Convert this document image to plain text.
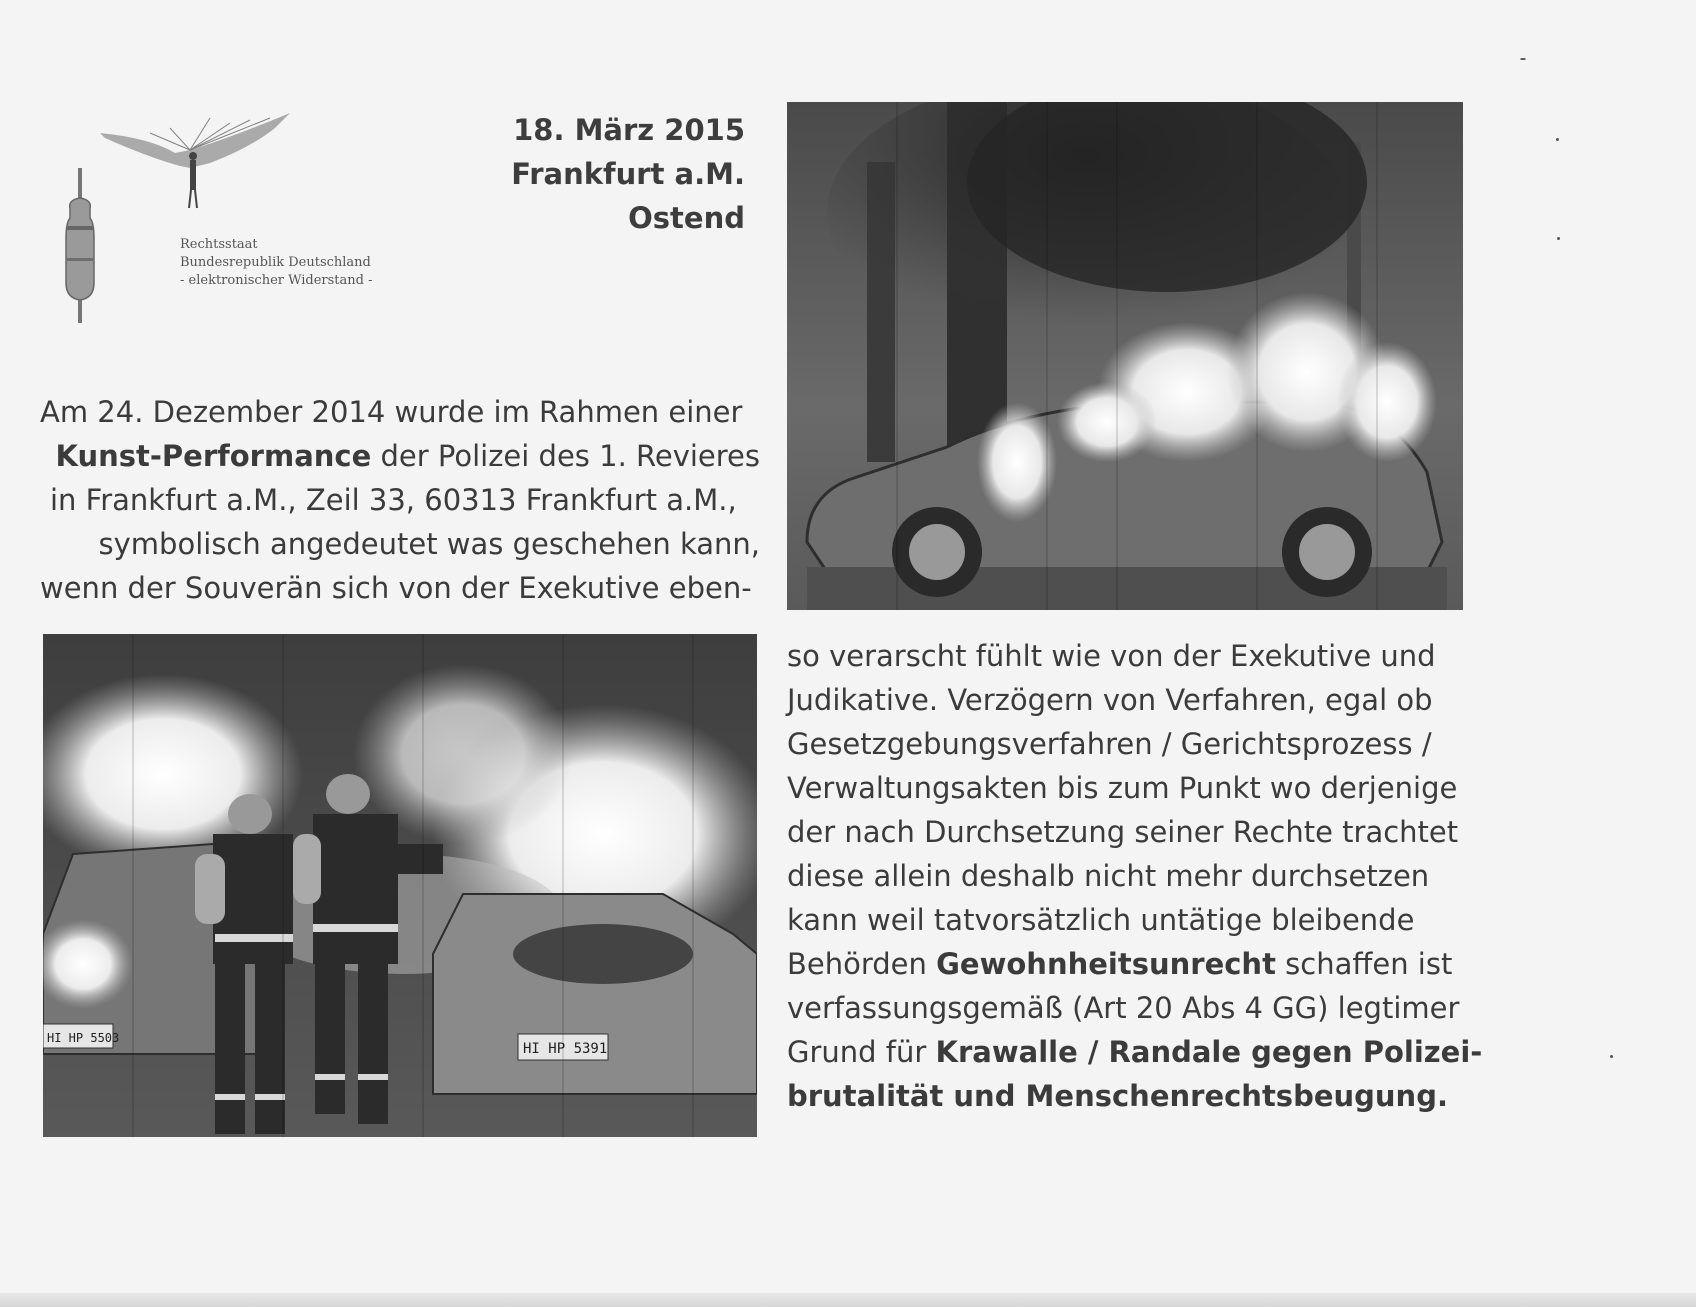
Rechtsstaat
Bundesrepublik Deutschland
- elektronischer Widerstand -
18. März 2015
Frankfurt a.M.
Ostend
Am 24. Dezember 2014 wurde im Rahmen einer
Kunst-Performance der Polizei des 1. Revieres
in Frankfurt a.M., Zeil 33, 60313 Frankfurt a.M.,
symbolisch angedeutet was geschehen kann,
wenn der Souverän sich von der Exekutive eben-
HI HP 5503
HI HP 5391
so verarscht fühlt wie von der Exekutive und
Judikative. Verzögern von Verfahren, egal ob
Gesetzgebungsverfahren / Gerichtsprozess /
Verwaltungsakten bis zum Punkt wo derjenige
der nach Durchsetzung seiner Rechte trachtet
diese allein deshalb nicht mehr durchsetzen
kann weil tatvorsätzlich untätige bleibende
Behörden Gewohnheitsunrecht schaffen ist
verfassungsgemäß (Art 20 Abs 4 GG) legtimer
Grund für Krawalle / Randale gegen Polizei-
brutalität und Menschenrechtsbeugung.
